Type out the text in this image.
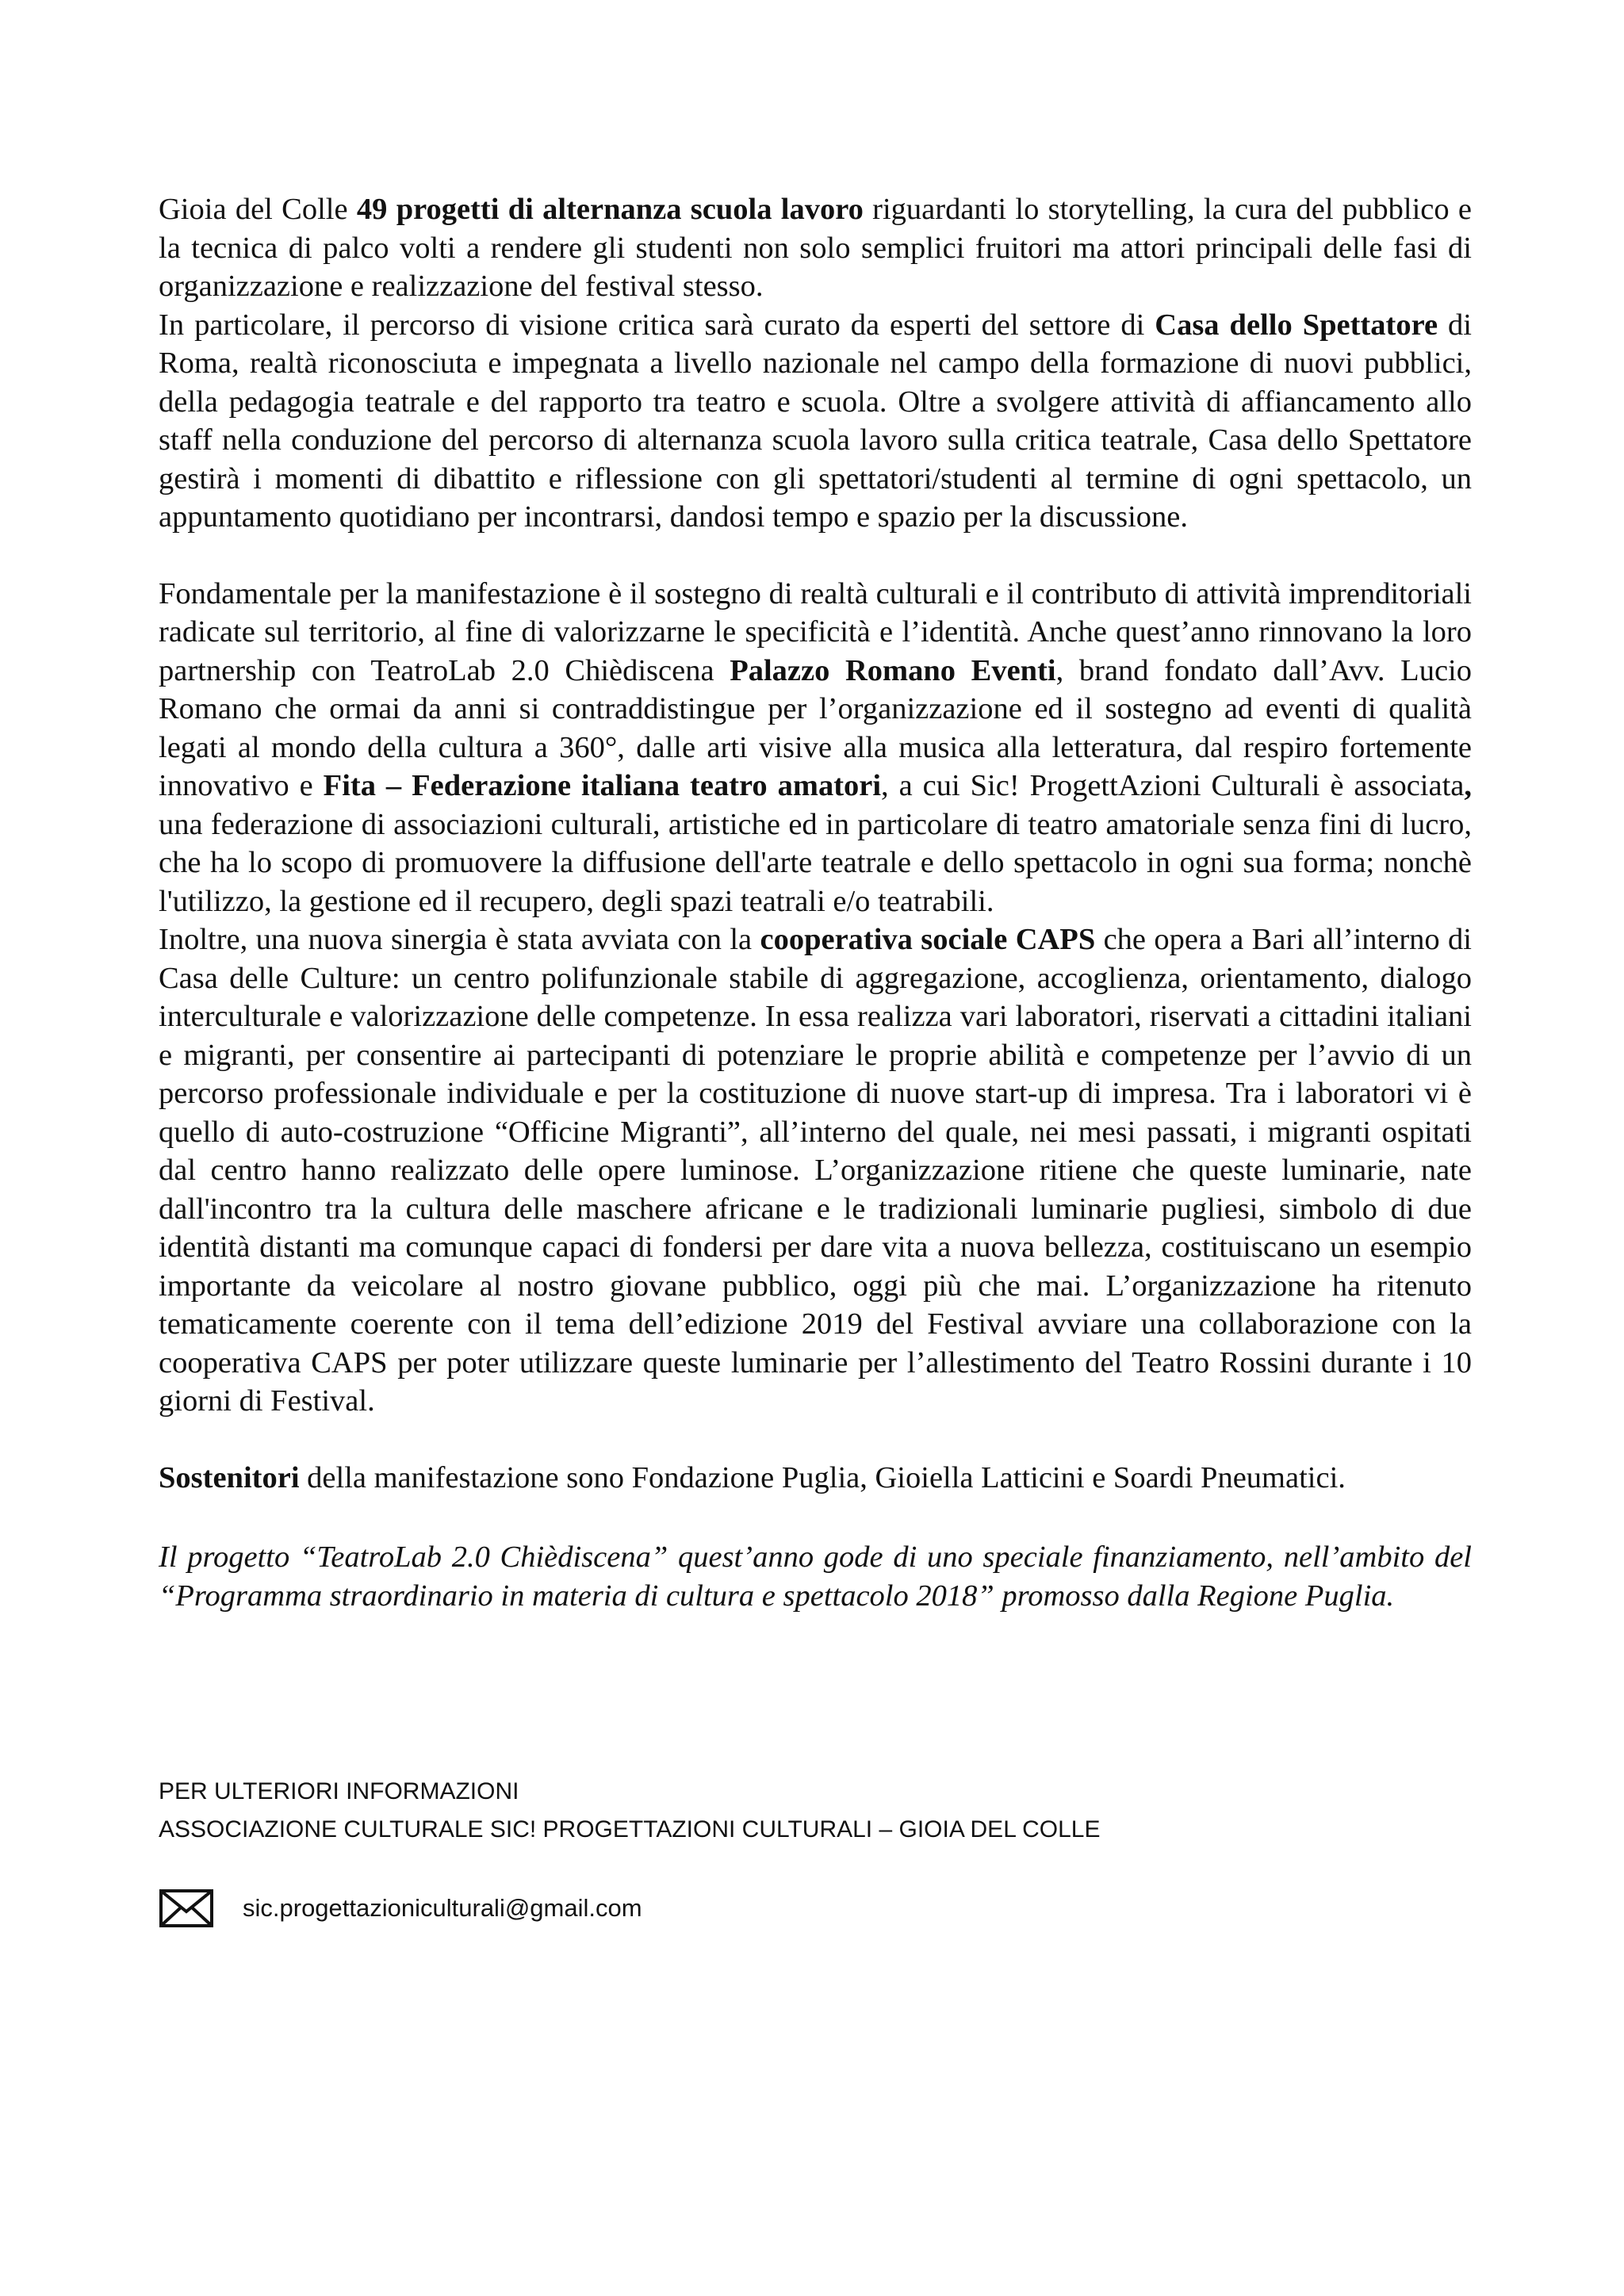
Gioia del Colle 49 progetti di alternanza scuola lavoro riguardanti lo storytelling, la cura del pubblico e la tecnica di palco volti a rendere gli studenti non solo semplici fruitori ma attori principali delle fasi di organizzazione e realizzazione del festival stesso.

In particolare, il percorso di visione critica sarà curato da esperti del settore di Casa dello Spettatore di Roma, realtà riconosciuta e impegnata a livello nazionale nel campo della formazione di nuovi pubblici, della pedagogia teatrale e del rapporto tra teatro e scuola. Oltre a svolgere attività di affiancamento allo staff nella conduzione del percorso di alternanza scuola lavoro sulla critica teatrale, Casa dello Spettatore gestirà i momenti di dibattito e riflessione con gli spettatori/studenti al termine di ogni spettacolo, un appuntamento quotidiano per incontrarsi, dandosi tempo e spazio per la discussione.

Fondamentale per la manifestazione è il sostegno di realtà culturali e il contributo di attività imprenditoriali radicate sul territorio, al fine di valorizzarne le specificità e l’identità. Anche quest’anno rinnovano la loro partnership con TeatroLab 2.0 Chièdiscena Palazzo Romano Eventi, brand fondato dall’Avv. Lucio Romano che ormai da anni si contraddistingue per l’organizzazione ed il sostegno ad eventi di qualità legati al mondo della cultura a 360°, dalle arti visive alla musica alla letteratura, dal respiro fortemente innovativo e Fita – Federazione italiana teatro amatori, a cui Sic! ProgettAzioni Culturali è associata, una federazione di associazioni culturali, artistiche ed in particolare di teatro amatoriale senza fini di lucro, che ha lo scopo di promuovere la diffusione dell'arte teatrale e dello spettacolo in ogni sua forma; nonchè l'utilizzo, la gestione ed il recupero, degli spazi teatrali e/o teatrabili.

Inoltre, una nuova sinergia è stata avviata con la cooperativa sociale CAPS che opera a Bari all’interno di Casa delle Culture: un centro polifunzionale stabile di aggregazione, accoglienza, orientamento, dialogo interculturale e valorizzazione delle competenze. In essa realizza vari laboratori, riservati a cittadini italiani e migranti, per consentire ai partecipanti di potenziare le proprie abilità e competenze per l’avvio di un percorso professionale individuale e per la costituzione di nuove start-up di impresa. Tra i laboratori vi è quello di auto-costruzione “Officine Migranti”, all’interno del quale, nei mesi passati, i migranti ospitati dal centro hanno realizzato delle opere luminose. L’organizzazione ritiene che queste luminarie, nate dall'incontro tra la cultura delle maschere africane e le tradizionali luminarie pugliesi, simbolo di due identità distanti ma comunque capaci di fondersi per dare vita a nuova bellezza, costituiscano un esempio importante da veicolare al nostro giovane pubblico, oggi più che mai. L’organizzazione ha ritenuto tematicamente coerente con il tema dell’edizione 2019 del Festival avviare una collaborazione con la cooperativa CAPS per poter utilizzare queste luminarie per l’allestimento del Teatro Rossini durante i 10 giorni di Festival.

Sostenitori della manifestazione sono Fondazione Puglia, Gioiella Latticini e Soardi Pneumatici.

Il progetto “TeatroLab 2.0 Chièdiscena” quest’anno gode di uno speciale finanziamento, nell’ambito del “Programma straordinario in materia di cultura e spettacolo 2018” promosso dalla Regione Puglia.

PER ULTERIORI INFORMAZIONI
ASSOCIAZIONE CULTURALE SIC! PROGETTAZIONI CULTURALI – GIOIA DEL COLLE
sic.progettazioniculturali@gmail.com
